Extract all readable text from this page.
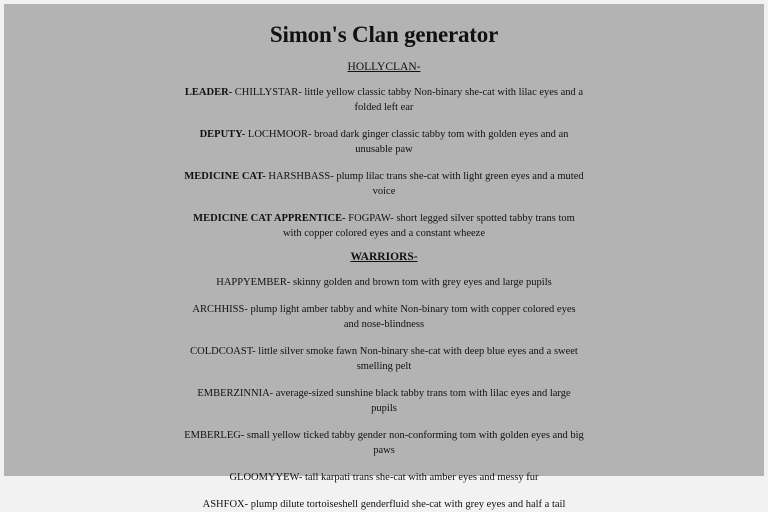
Simon's Clan generator

HOLLYCLAN-

LEADER- CHILLYSTAR- little yellow classic tabby Non-binary she-cat with lilac eyes and a folded left ear

DEPUTY- LOCHMOOR- broad dark ginger classic tabby tom with golden eyes and an unusable paw

MEDICINE CAT- HARSHBASS- plump lilac trans she-cat with light green eyes and a muted voice

MEDICINE CAT APPRENTICE- FOGPAW- short legged silver spotted tabby trans tom with copper colored eyes and a constant wheeze

WARRIORS-

HAPPYEMBER- skinny golden and brown tom with grey eyes and large pupils

ARCHHISS- plump light amber tabby and white Non-binary tom with copper colored eyes and nose-blindness

COLDCOAST- little silver smoke fawn Non-binary she-cat with deep blue eyes and a sweet smelling pelt

EMBERZINNIA- average-sized sunshine black tabby trans tom with lilac eyes and large pupils

EMBERLEG- small yellow ticked tabby gender non-conforming tom with golden eyes and big paws

GLOOMYYEW- tall karpati trans she-cat with amber eyes and messy fur

ASHFOX- plump dilute tortoiseshell genderfluid she-cat with grey eyes and half a tail
